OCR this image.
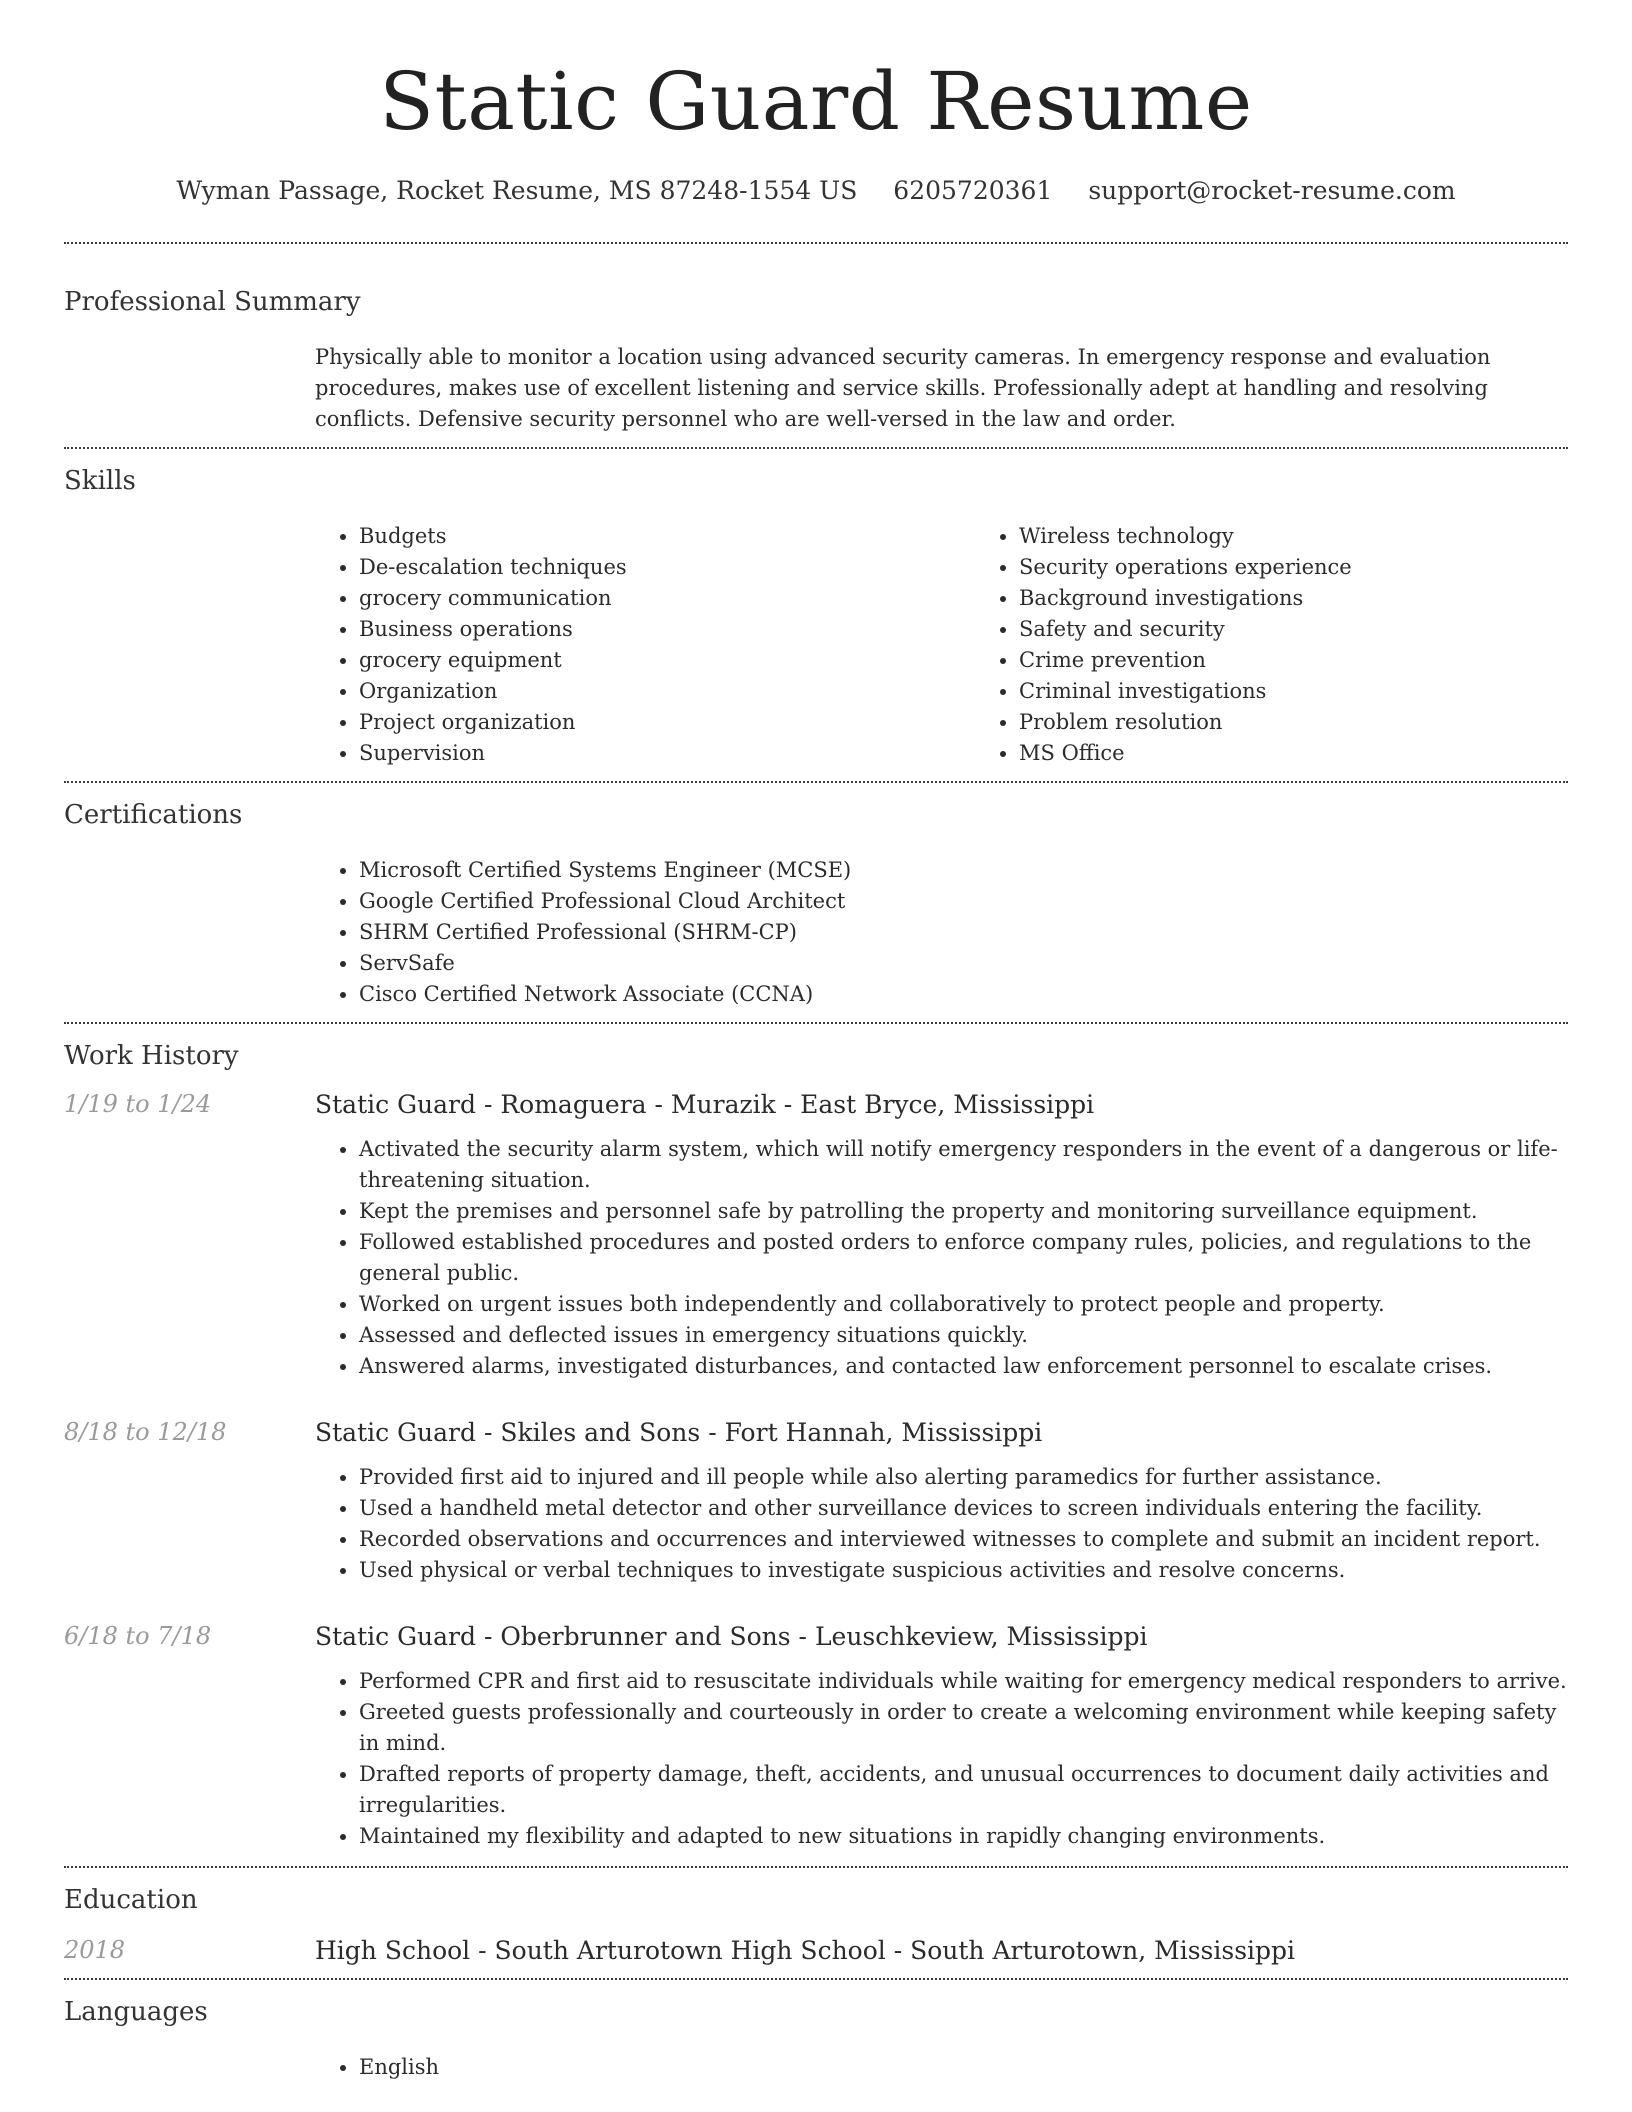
Static Guard Resume
Wyman Passage, Rocket Resume, MS 87248-1554 US 6205720361 support@rocket-resume.com
Professional Summary

Physically able to monitor a location using advanced security cameras. In emergency response and evaluation procedures, makes use of excellent listening and service skills. Professionally adept at handling and resolving conflicts. Defensive security personnel who are well-versed in the law and order.

Skills
• Budgets
• De-escalation techniques
• grocery communication
• Business operations
• grocery equipment
• Organization
• Project organization
• Supervision
• Wireless technology
• Security operations experience
• Background investigations
• Safety and security
• Crime prevention
• Criminal investigations
• Problem resolution
• MS Office
Certifications
• Microsoft Certified Systems Engineer (MCSE)
• Google Certified Professional Cloud Architect
• SHRM Certified Professional (SHRM-CP)
• ServSafe
• Cisco Certified Network Associate (CCNA)
Work History
1/19 to 1/24	Static Guard - Romaguera - Murazik - East Bryce, Mississippi
• Activated the security alarm system, which will notify emergency responders in the event of a dangerous or life-threatening situation.
• Kept the premises and personnel safe by patrolling the property and monitoring surveillance equipment.
• Followed established procedures and posted orders to enforce company rules, policies, and regulations to the general public.
• Worked on urgent issues both independently and collaboratively to protect people and property.
• Assessed and deflected issues in emergency situations quickly.
• Answered alarms, investigated disturbances, and contacted law enforcement personnel to escalate crises.
8/18 to 12/18	Static Guard - Skiles and Sons - Fort Hannah, Mississippi
• Provided first aid to injured and ill people while also alerting paramedics for further assistance.
• Used a handheld metal detector and other surveillance devices to screen individuals entering the facility.
• Recorded observations and occurrences and interviewed witnesses to complete and submit an incident report.
• Used physical or verbal techniques to investigate suspicious activities and resolve concerns.
6/18 to 7/18	Static Guard - Oberbrunner and Sons - Leuschkeview, Mississippi
• Performed CPR and first aid to resuscitate individuals while waiting for emergency medical responders to arrive.
• Greeted guests professionally and courteously in order to create a welcoming environment while keeping safety in mind.
• Drafted reports of property damage, theft, accidents, and unusual occurrences to document daily activities and irregularities.
• Maintained my flexibility and adapted to new situations in rapidly changing environments.
Education
2018	High School - South Arturotown High School - South Arturotown, Mississippi
Languages
• English
